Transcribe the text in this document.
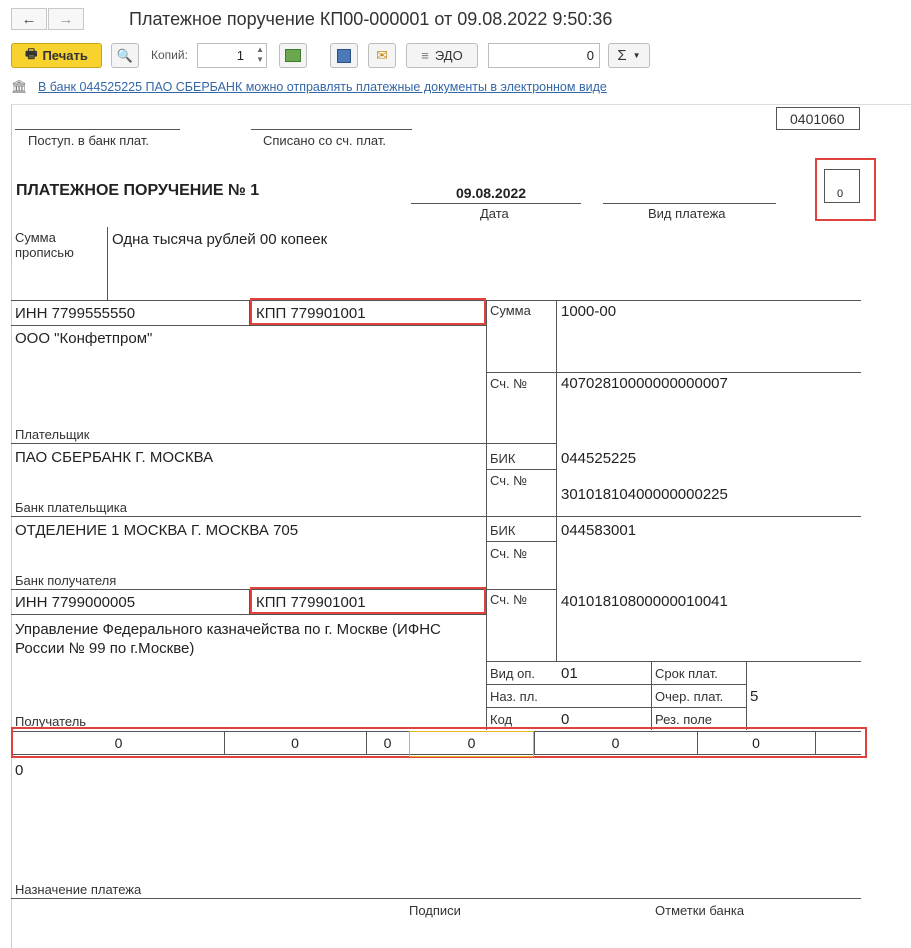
← →	Платежное поручение КП00-000001 от 09.08.2022 9:50:36
🖶 Печать 🔍 Копий:	1 ▲
▼	✉	≡ ЭДО	0 Σ ▼
🏛 В банк 044525225 ПАО СБЕРБАНК можно отправлять платежные документы в электронном виде
0401060
Поступ. в банк плат.	Списано со сч. плат.
ПЛАТЕЖНОЕ ПОРУЧЕНИЕ № 1	09.08.2022
Дата	Вид платежа
0
Сумма
прописью
Одна тысяча рублей 00 копеек
ИНН 7799555550	КПП 779901001	Сумма 1000-00
ООО "Конфетпром"
Сч. № 40702810000000000007
Плательщик
ПАО СБЕРБАНК Г. МОСКВА	БИК	044525225
Сч. №
30101810400000000225
Банк плательщика
ОТДЕЛЕНИЕ 1 МОСКВА Г. МОСКВА 705	БИК	044583001
Сч. №
Банк получателя
ИНН 7799000005	КПП 779901001	Сч. № 40101810800000010041
Управление Федерального казначейства по г. Москве (ИФНС России № 99 по г.Москве)
Вид оп. 01	Срок плат.
Наз. пл.	Очер. плат. 5
Код	0	Рез. поле
Получатель
0	0	0	0	0	0
0
Назначение платежа
Подписи	Отметки банка
